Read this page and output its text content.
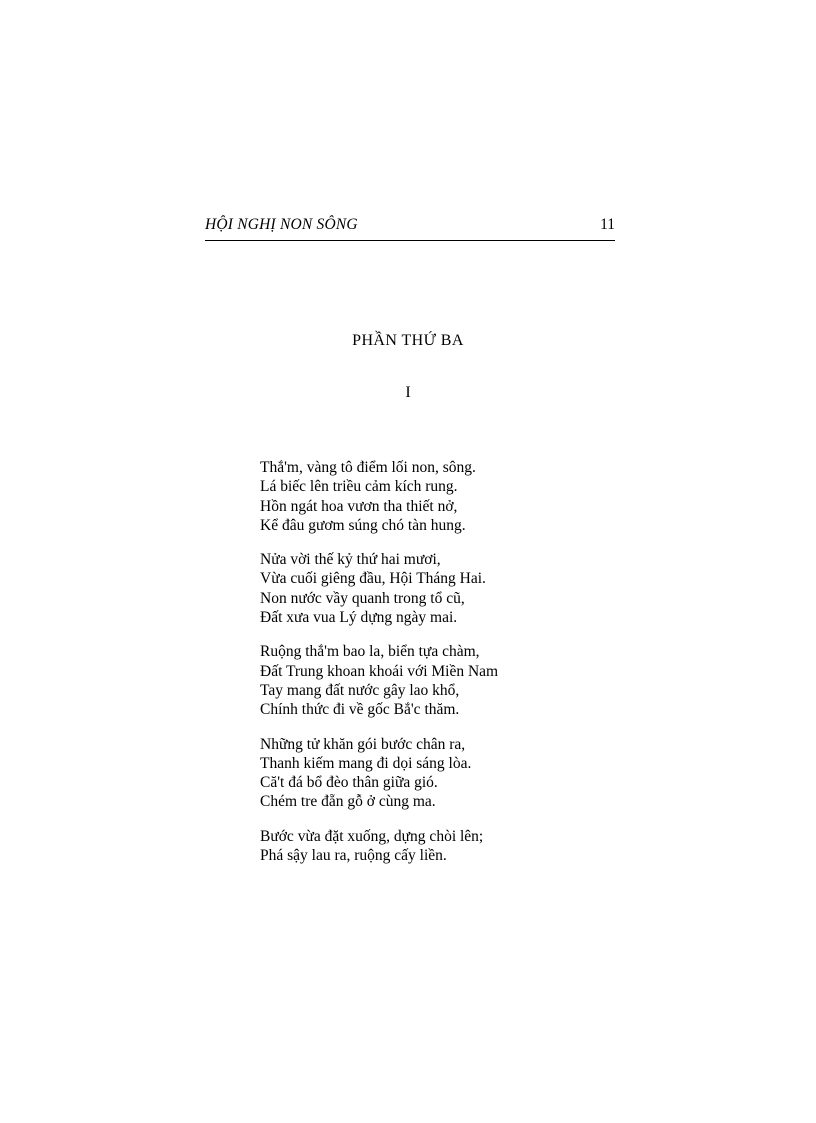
HỘI NGHỊ NON SÔNG	11
PHẦN THỨ BA
I
Thắ'm, vàng tô điểm lối non, sông.
Lá biếc lên triều cảm kích rung.
Hồn ngát hoa vươn tha thiết nở,
Kể đâu gươm súng chó tàn hung.
Nửa vời thế kỷ thứ hai mươi,
Vừa cuối giêng đầu, Hội Tháng Hai.
Non nước vầy quanh trong tổ cũ,
Đất xưa vua Lý dựng ngày mai.
Ruộng thắ'm bao la, biển tựa chàm,
Đất Trung khoan khoái với Miền Nam
Tay mang đất nước gây lao khổ,
Chính thức đi về gốc Bắ'c thăm.
Những tử khăn gói bước chân ra,
Thanh kiếm mang đi dọi sáng lòa.
Că't đá bổ đèo thân giữa gió.
Chém tre đẵn gỗ ở cùng ma.
Bước vừa đặt xuống, dựng chòi lên;
Phá sậy lau ra, ruộng cấy liền.
